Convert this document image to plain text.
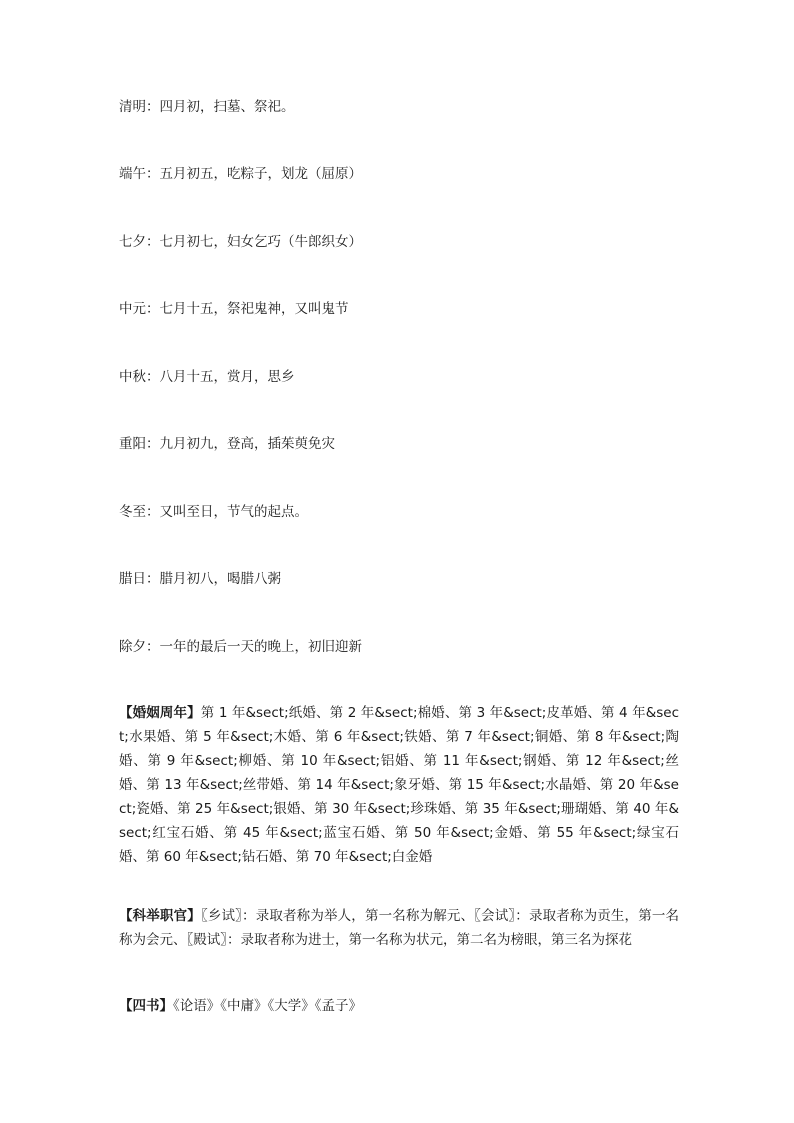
清明：四月初，扫墓、祭祀。
端午：五月初五，吃粽子，划龙（屈原）
七夕：七月初七，妇女乞巧（牛郎织女）
中元：七月十五，祭祀鬼神，又叫鬼节
中秋：八月十五，赏月，思乡
重阳：九月初九，登高，插茱萸免灾
冬至：又叫至日，节气的起点。
腊日：腊月初八，喝腊八粥
除夕：一年的最后一天的晚上，初旧迎新
【婚姻周年】第 1 年&sect;纸婚、第 2 年&sect;棉婚、第 3 年&sect;皮革婚、第 4 年&sect;水果婚、第 5 年&sect;木婚、第 6 年&sect;铁婚、第 7 年&sect;铜婚、第 8 年&sect;陶婚、第 9 年&sect;柳婚、第 10 年&sect;铝婚、第 11 年&sect;钢婚、第 12 年&sect;丝婚、第 13 年&sect;丝带婚、第 14 年&sect;象牙婚、第 15 年&sect;水晶婚、第 20 年&sect;瓷婚、第 25 年&sect;银婚、第 30 年&sect;珍珠婚、第 35 年&sect;珊瑚婚、第 40 年&sect;红宝石婚、第 45 年&sect;蓝宝石婚、第 50 年&sect;金婚、第 55 年&sect;绿宝石婚、第 60 年&sect;钻石婚、第 70 年&sect;白金婚
【科举职官】〖乡试〗：录取者称为举人，第一名称为解元、〖会试〗：录取者称为贡生，第一名称为会元、〖殿试〗：录取者称为进士，第一名称为状元，第二名为榜眼，第三名为探花
【四书】《论语》《中庸》《大学》《孟子》
